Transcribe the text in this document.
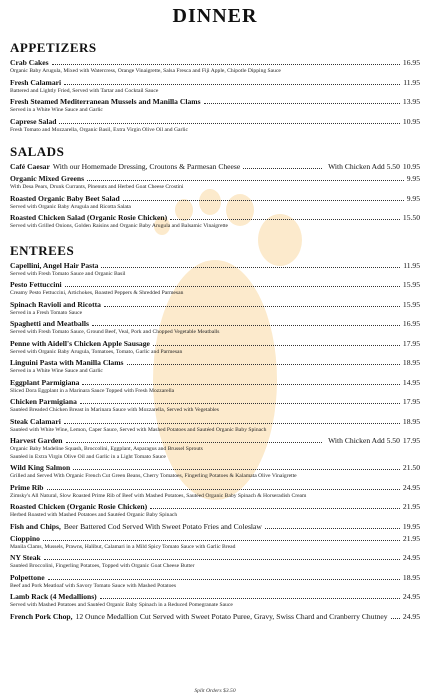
DINNER
APPETIZERS
Crab Cakes	16.95
Organic Baby Arugula, Mixed with Watercress, Orange Vinaigrette, Salsa Fresca and Fiji Apple, Chipotle Dipping Sauce
Fresh Calamari	11.95
Battered and Lightly Fried, Served with Tartar and Cocktail Sauce
Fresh Steamed Mediterranean Mussels and Manilla Clams	13.95
Served in a White Wine Sauce and Garlic
Caprese Salad	10.95
Fresh Tomato and Mozzarella, Organic Basil, Extra Virgin Olive Oil and Garlic
SALADS
Café Caesar With our Homemade Dressing, Croutons & Parmesan Cheese	With Chicken Add 5.50 10.95
Organic Mixed Greens	9.95
With Desa Pears, Drunk Currants, Pinenuts and Herbed Goat Cheese Crostini
Roasted Organic Baby Beet Salad	9.95
Served with Organic Baby Arugula and Ricotta Salata
Roasted Chicken Salad (Organic Rosie Chicken)	15.50
Served with Grilled Onions, Golden Raisins and Organic Baby Arugula and Balsamic Vinaigrette
ENTREES
Capellini, Angel Hair Pasta	11.95
Served with Fresh Tomato Sauce and Organic Basil
Pesto Fettuccini	15.95
Creamy Pesto Fettuccini, Artichokes, Roasted Peppers & Shredded Parmesan
Spinach Ravioli and Ricotta	15.95
Served in a Fresh Tomato Sauce
Spaghetti and Meatballs	16.95
Served with Fresh Tomato Sauce, Ground Beef, Veal, Pork and Chopped Vegetable Meatballs
Penne with Aidell's Chicken Apple Sausage	17.95
Served with Organic Baby Arugula, Tomatoes, Tomato, Garlic and Parmesan
Linguini Pasta with Manilla Clams	18.95
Served in a White Wine Sauce and Garlic
Eggplant Parmigiana	14.95
Sliced Dora Eggplant in a Marinara Sauce Topped with Fresh Mozzarella
Chicken Parmigiana	17.95
Sautéed Breaded Chicken Breast in Marinara Sauce with Mozzarella, Served with Vegetables
Steak Calamari	18.95
Sautéed with White Wine, Lemon, Caper Sauce, Served with Mashed Potatoes and Sautéed Organic Baby Spinach
Harvest Garden	With Chicken Add 5.50 17.95
Organic Baby Madeline Squash, Broccolini, Eggplant, Asparagus and Brussel Sprouts
Sautéed in Extra Virgin Olive Oil and Garlic in a Light Tomato Sauce
Wild King Salmon	21.50
Grilled and Served With Organic French Cut Green Beans, Cherry Tomatoes, Fingerling Potatoes & Kalamata Olive Vinaigrette
Prime Rib	24.95
Zimsky's All Natural, Slow Roasted Prime Rib of Beef with Mashed Potatoes, Sautéed Organic Baby Spinach & Horseradish Cream
Roasted Chicken (Organic Rosie Chicken)	21.95
Herbed Roasted with Mashed Potatoes and Sautéed Organic Baby Spinach
Fish and Chips, Beer Battered Cod Served With Sweet Potato Fries and Coleslaw	19.95
Cioppino	21.95
Manila Clams, Mussels, Prawns, Halibut, Calamari in a Mild Spicy Tomato Sauce with Garlic Bread
NY Steak	24.95
Sautéed Broccolini, Fingerling Potatoes, Topped with Organic Goat Cheese Butter
Polpettone	18.95
Beef and Pork Meatloaf with Savory Tomato Sauce with Mashed Potatoes
Lamb Rack (4 Medallions)	24.95
Served with Mashed Potatoes and Sautéed Organic Baby Spinach in a Reduced Pomegranate Sauce
French Pork Chop, 12 Ounce Medallion Cut Served with Sweet Potato Puree, Gravy, Swiss Chard and Cranberry Chutney 24.95
Split Orders $3.50
